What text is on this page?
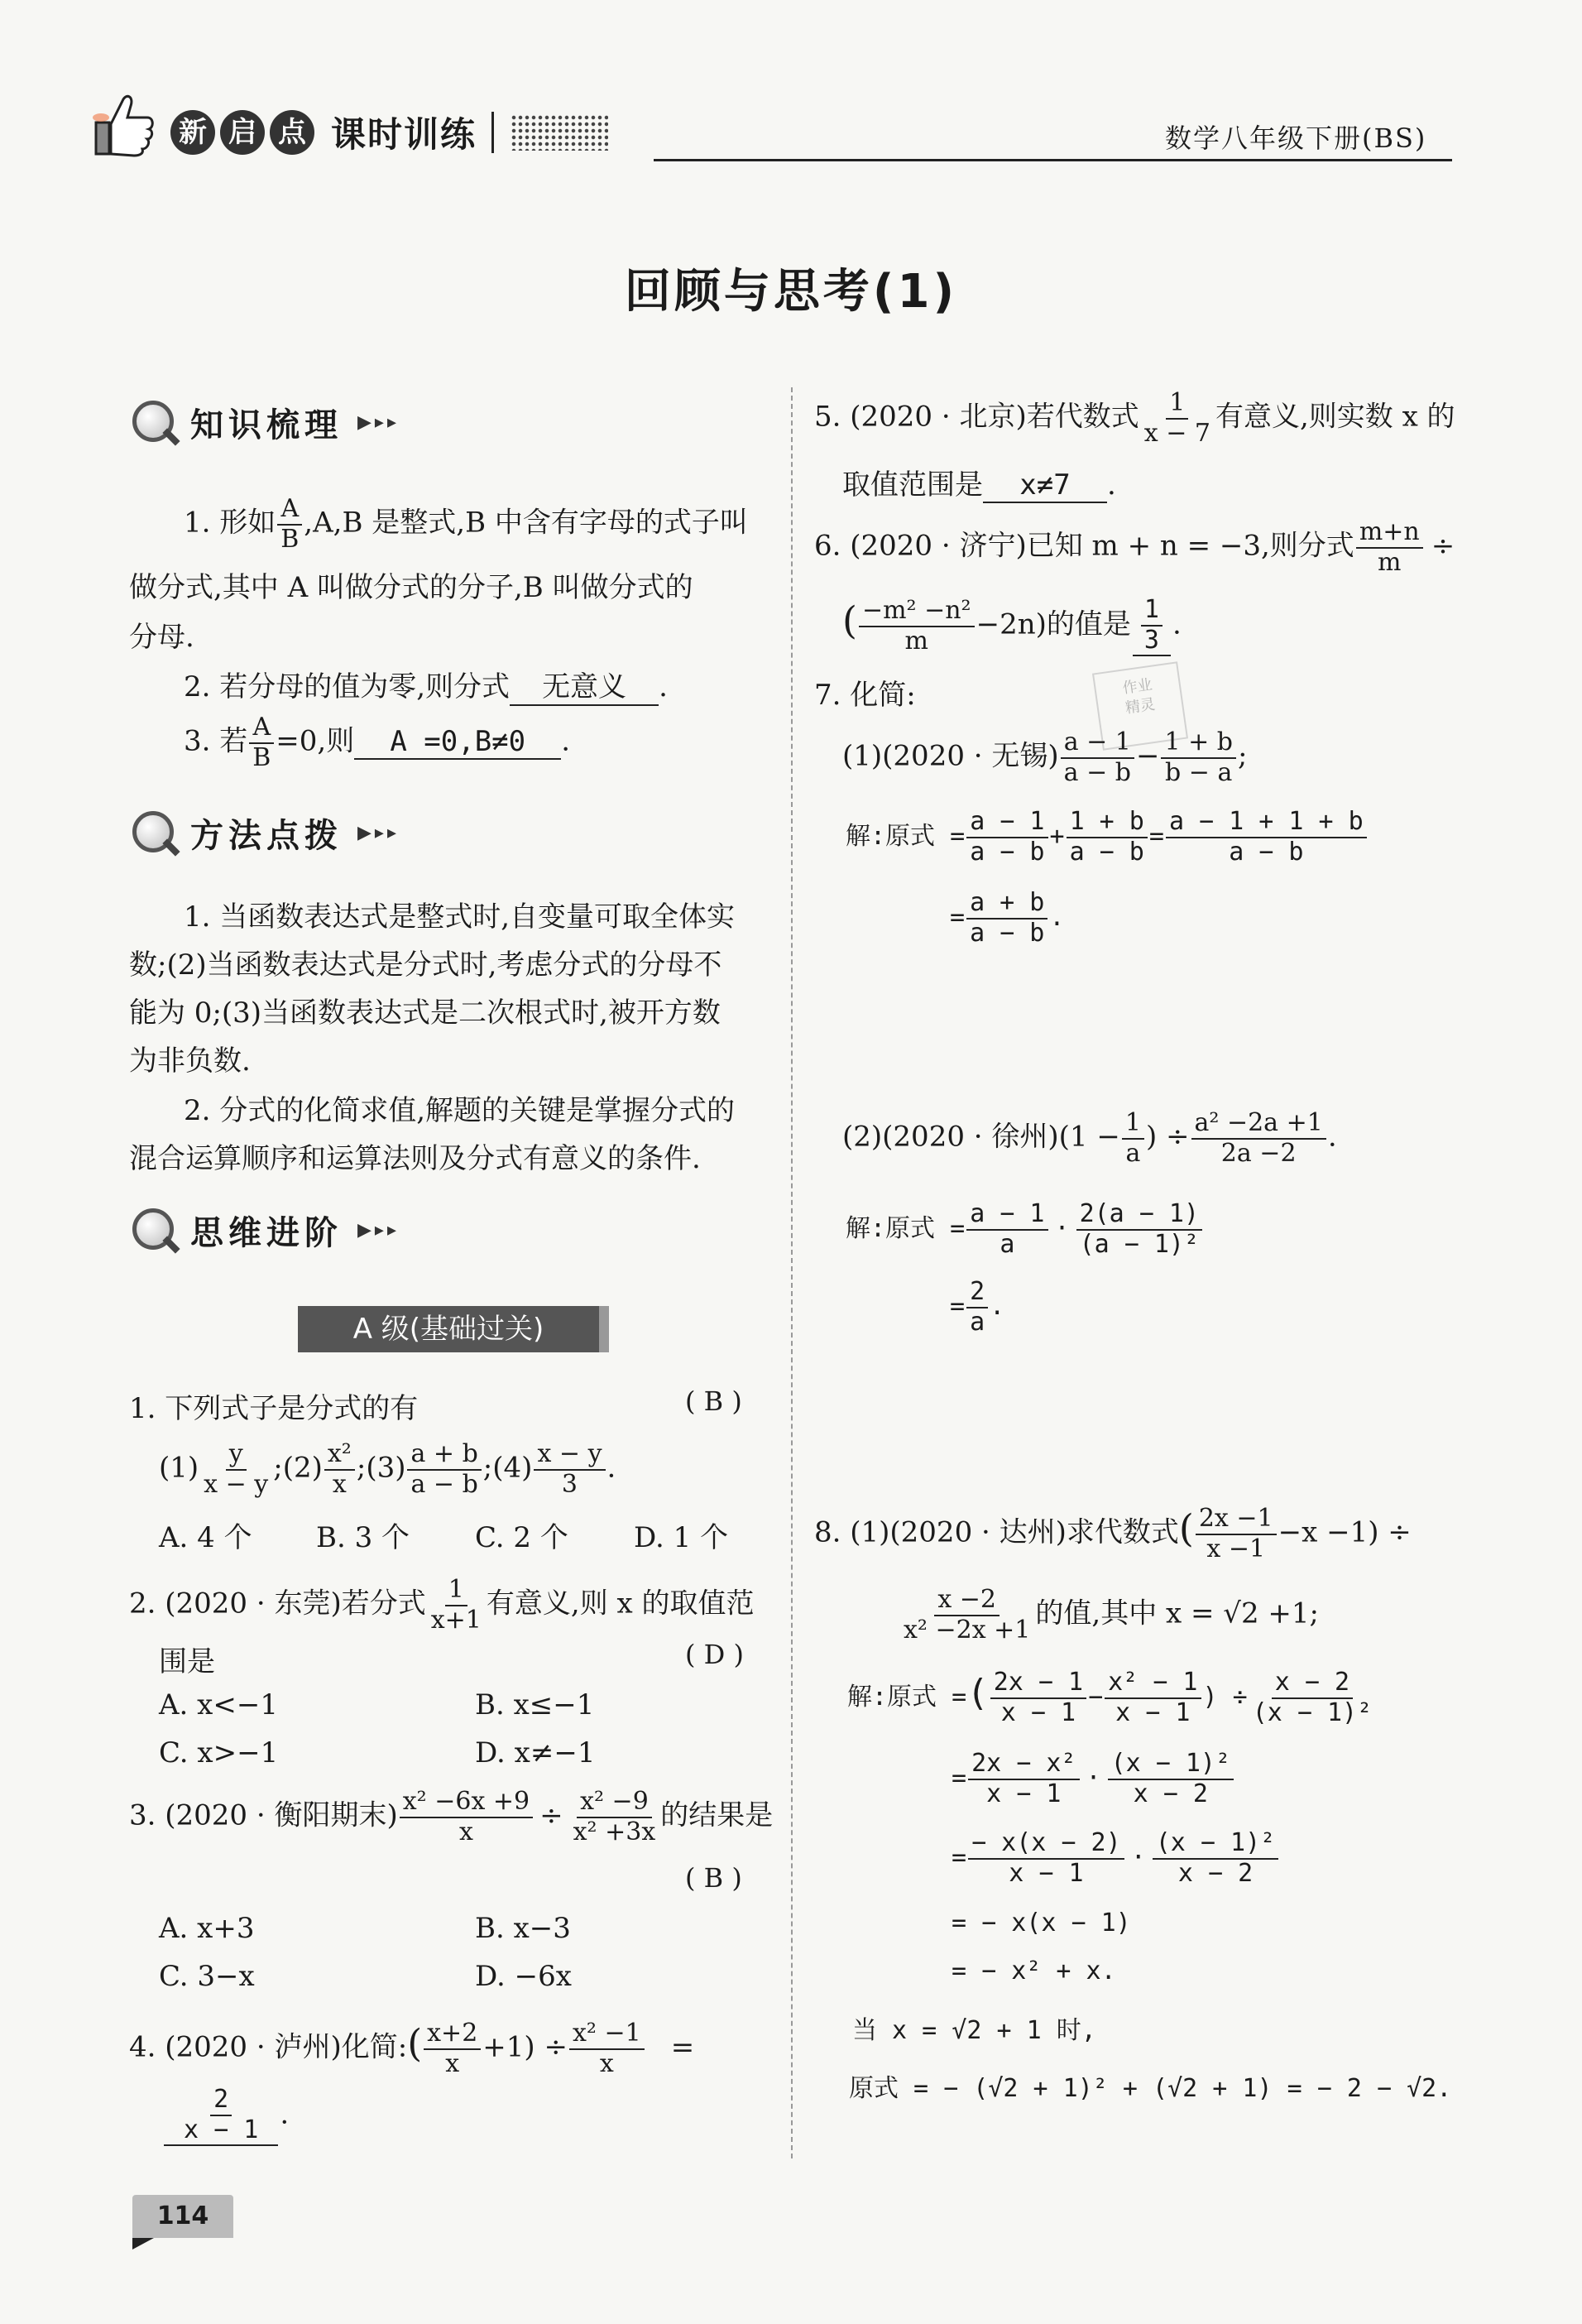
新 启 点 课时训练	数学八年级下册(BS)
回顾与思考(1)
知识梳理 ▶▸▸
1. 形如 $\frac{A}{B} ,A,B$ 是整式,B 中含有字母的式子叫
做分式,其中 A 叫做分式的分子,B 叫做分式的
分母.
2. 若分母的值为零,则分式 无意义 .
3. 若 $\frac{A}{B} =0$,则 A =0,B≠0 .
方法点拨 ▶▸▸
1. 当函数表达式是整式时,自变量可取全体实
数;(2)当函数表达式是分式时,考虑分式的分母不
能为 0;(3)当函数表达式是二次根式时,被开方数
为非负数.
2. 分式的化简求值,解题的关键是掌握分式的
混合运算顺序和运算法则及分式有意义的条件.
思维进阶 ▶▸▸
A 级(基础过关)
1. 下列式子是分式的有	( B )
$(1) \frac{y}{x - y}$ ;(2) $\frac{\text{x²}}{x}$ ;(3) $\frac{a + b}{a - b}$ ;(4) $\frac{x - y}{3}$ .
A. 4 个 B. 3 个 C. 2 个 D. 1 个
2. (2020 · 东莞)若分式 $\frac{1}{x+1}$ 有意义,则 x 的取值范
围是	( D )
A. x<−1	B. x≤−1
C. x>−1	D. x≠−1
3. (2020 · 衡阳期末) $\frac{\text{x² −6x +9}}{x} \div \frac{\text{x² −9}}{\text{x² +3x}}$ 的结果是
( B )
A. x+3	B. x−3
C. 3−x	D. −6x
4. (2020 · 泸州)化简:( $\frac{x+2}{x} +1) \div \frac{\text{x² −1}}{x}$ =
$\frac{2}{x - 1}$ .
114
5. (2020 · 北京)若代数式 $\frac{1}{x - 7}$ 有意义,则实数 x 的
取值范围是 x≠7 .
6. (2020 · 济宁)已知 m + n = −3,则分式 $\frac{m+n}{m}$ ÷
( $\frac{\text{−m² −n²}}{m} -2n$)的值是 $\frac{1}{3}$ .
7. 化简:	作业
精灵
(1)(2020 · 无锡) $\frac{a - 1}{a - b} - \frac{1 + b}{b - a}$ ;
解:原式 = $\frac{a - 1}{a - b} + \frac{1 + b}{a - b} = \frac{a - 1 + 1 + b}{a - b}$
= $\frac{a + b}{a - b}$ .
(2)(2020 · 徐州)($1 - \frac{1}{a}$ ) ÷ $\frac{\text{a² −2a +1}}{2a -2}$ .
解:原式 = $\frac{a - 1}{a} \cdot \frac{2(a - 1)}{\text{(a − 1)²}}$
= $\frac{2}{a}$ .
8. (1)(2020 · 达州)求代数式( $\frac{2x -1}{x -1} -x -1$) ÷
$\frac{x -2}{\text{x² −2x +1}}$ 的值,其中 x = √2 +1;
解:原式 =( $\frac{2x - 1}{x - 1} - \frac{\text{x² − 1}}{x - 1}$ ) ÷ $\frac{x - 2}{\text{(x − 1)²}}$
= $\frac{\text{2x − x²}}{x - 1} \cdot \frac{\text{(x − 1)²}}{x - 2}$
= $\frac{- x(x - 2)}{x - 1} \cdot \frac{\text{(x − 1)²}}{x - 2}$
= − x(x − 1)
= − x² + x.
当 x = √2 + 1 时,
原式 = − (√2 + 1)² + (√2 + 1) = − 2 − √2.
